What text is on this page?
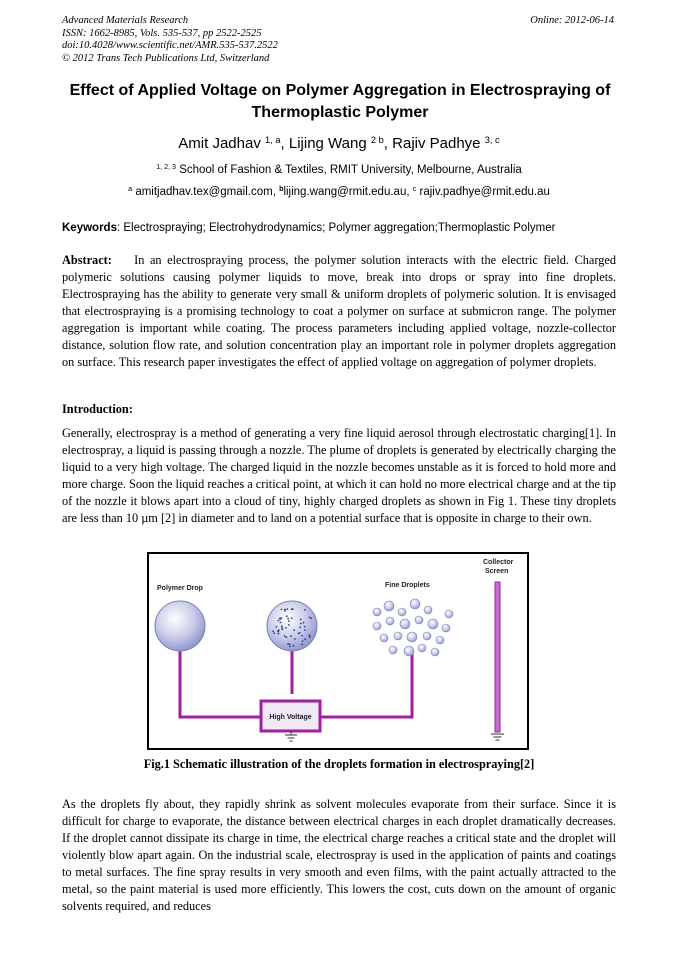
Advanced Materials Research
ISSN: 1662-8985, Vols. 535-537, pp 2522-2525
doi:10.4028/www.scientific.net/AMR.535-537.2522
© 2012 Trans Tech Publications Ltd, Switzerland
Online: 2012-06-14
Effect of Applied Voltage on Polymer Aggregation in Electrospraying of Thermoplastic Polymer
Amit Jadhav $^{1, a}$, Lijing Wang $^{2 b}$, Rajiv Padhye $^{3, c}$
$^{1, 2, 3}$ School of Fashion & Textiles, RMIT University, Melbourne, Australia
$^a$ amitjadhav.tex@gmail.com, $^b$lijing.wang@rmit.edu.au, $^c$ rajiv.padhye@rmit.edu.au
Keywords: Electrospraying; Electrohydrodynamics; Polymer aggregation;Thermoplastic Polymer
Abstract: In an electrospraying process, the polymer solution interacts with the electric field. Charged polymeric solutions causing polymer liquids to move, break into drops or spray into fine droplets. Electrospraying has the ability to generate very small & uniform droplets of polymeric solution. It is envisaged that electrospraying is a promising technology to coat a polymer on surface at submicron range. The polymer aggregation is important while coating. The process parameters including applied voltage, nozzle-collector distance, solution flow rate, and solution concentration play an important role in polymer droplets aggregation on surface. This research paper investigates the effect of applied voltage on aggregation of polymer droplets.
Introduction:
Generally, electrospray is a method of generating a very fine liquid aerosol through electrostatic charging[1]. In electrospray, a liquid is passing through a nozzle. The plume of droplets is generated by electrically charging the liquid to a very high voltage. The charged liquid in the nozzle becomes unstable as it is forced to hold more and more charge. Soon the liquid reaches a critical point, at which it can hold no more electrical charge and at the tip of the nozzle it blows apart into a cloud of tiny, highly charged droplets as shown in Fig 1. These tiny droplets are less than 10 µm [2] in diameter and to land on a potential surface that is opposite in charge to their own.
Polymer Drop	Fine Droplets
Collector
Screen
High Voltage
Fig.1 Schematic illustration of the droplets formation in electrospraying[2]
As the droplets fly about, they rapidly shrink as solvent molecules evaporate from their surface. Since it is difficult for charge to evaporate, the distance between electrical charges in each droplet dramatically decreases. If the droplet cannot dissipate its charge in time, the electrical charge reaches a critical state and the droplet will violently blow apart again. On the industrial scale, electrospray is used in the application of paints and coatings to metal surfaces. The fine spray results in very smooth and even films, with the paint actually attracted to the metal, so the paint material is used more efficiently. This lowers the cost, cuts down on the amount of organic solvents required, and reduces
